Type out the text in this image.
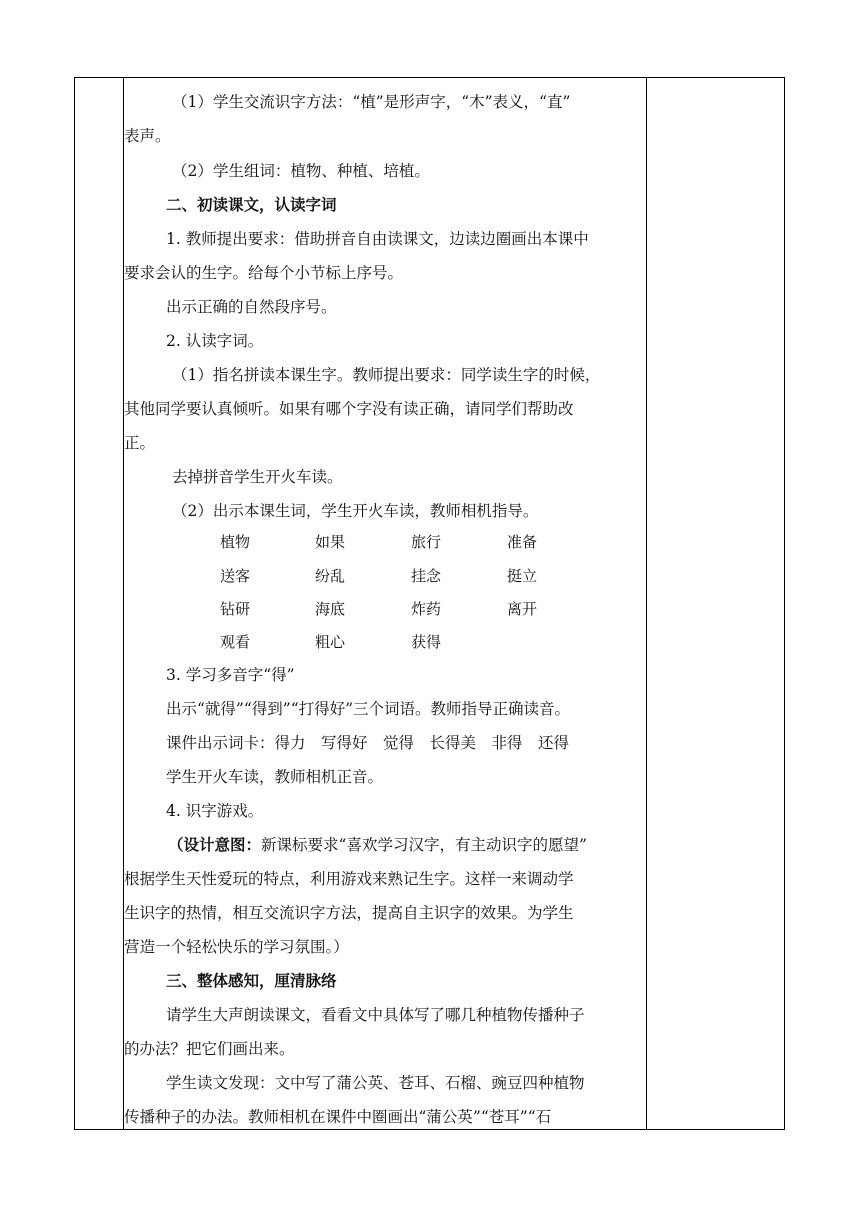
（1）学生交流识字方法：“植”是形声字，“木”表义，“直”
表声。
（2）学生组词：植物、种植、培植。
二、初读课文，认读字词
1. 教师提出要求：借助拼音自由读课文，边读边圈画出本课中
要求会认的生字。给每个小节标上序号。
出示正确的自然段序号。
2. 认读字词。
（1）指名拼读本课生字。教师提出要求：同学读生字的时候，
其他同学要认真倾听。如果有哪个字没有读正确，请同学们帮助改
正。
去掉拼音学生开火车读。
（2）出示本课生词，学生开火车读，教师相机指导。
植物	如果	旅行	准备
送客	纷乱	挂念	挺立
钻研	海底	炸药	离开
观看	粗心	获得
3. 学习多音字“得”
出示“就得”“得到”“打得好”三个词语。教师指导正确读音。
课件出示词卡：得力　写得好　觉得　长得美　非得　还得
学生开火车读，教师相机正音。
4. 识字游戏。
（设计意图：新课标要求“喜欢学习汉字，有主动识字的愿望”
根据学生天性爱玩的特点，利用游戏来熟记生字。这样一来调动学
生识字的热情，相互交流识字方法，提高自主识字的效果。为学生
营造一个轻松快乐的学习氛围。）
三、整体感知，厘清脉络
请学生大声朗读课文，看看文中具体写了哪几种植物传播种子
的办法？把它们画出来。
学生读文发现：文中写了蒲公英、苍耳、石榴、豌豆四种植物
传播种子的办法。教师相机在课件中圈画出“蒲公英”“苍耳”“石
